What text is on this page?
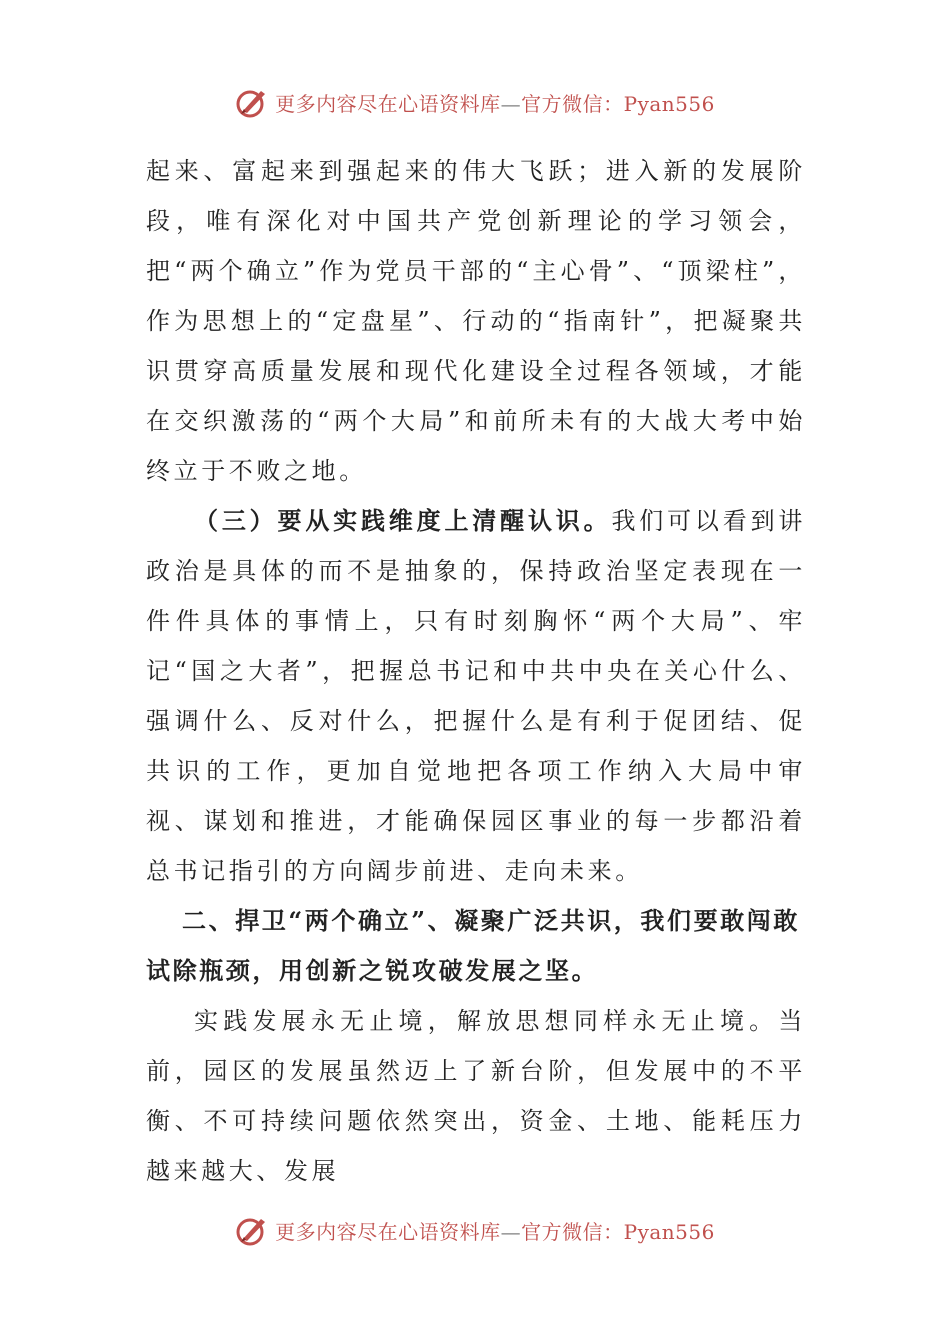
更多内容尽在心语资料库—官方微信：Pyan556

起来、富起来到强起来的伟大飞跃；进入新的发展阶段，唯有深化对中国共产党创新理论的学习领会，把“两个确立”作为党员干部的“主心骨”、“顶梁柱”，作为思想上的“定盘星”、行动的“指南针”，把凝聚共识贯穿高质量发展和现代化建设全过程各领域，才能在交织激荡的“两个大局”和前所未有的大战大考中始终立于不败之地。

（三）要从实践维度上清醒认识。我们可以看到讲政治是具体的而不是抽象的，保持政治坚定表现在一件件具体的事情上，只有时刻胸怀“两个大局”、牢记“国之大者”，把握总书记和中共中央在关心什么、强调什么、反对什么，把握什么是有利于促团结、促共识的工作，更加自觉地把各项工作纳入大局中审视、谋划和推进，才能确保园区事业的每一步都沿着总书记指引的方向阔步前进、走向未来。

二、捍卫“两个确立”、凝聚广泛共识，我们要敢闯敢试除瓶颈，用创新之锐攻破发展之坚。

实践发展永无止境，解放思想同样永无止境。当前，园区的发展虽然迈上了新台阶，但发展中的不平衡、不可持续问题依然突出，资金、土地、能耗压力越来越大、发展

更多内容尽在心语资料库—官方微信：Pyan556
